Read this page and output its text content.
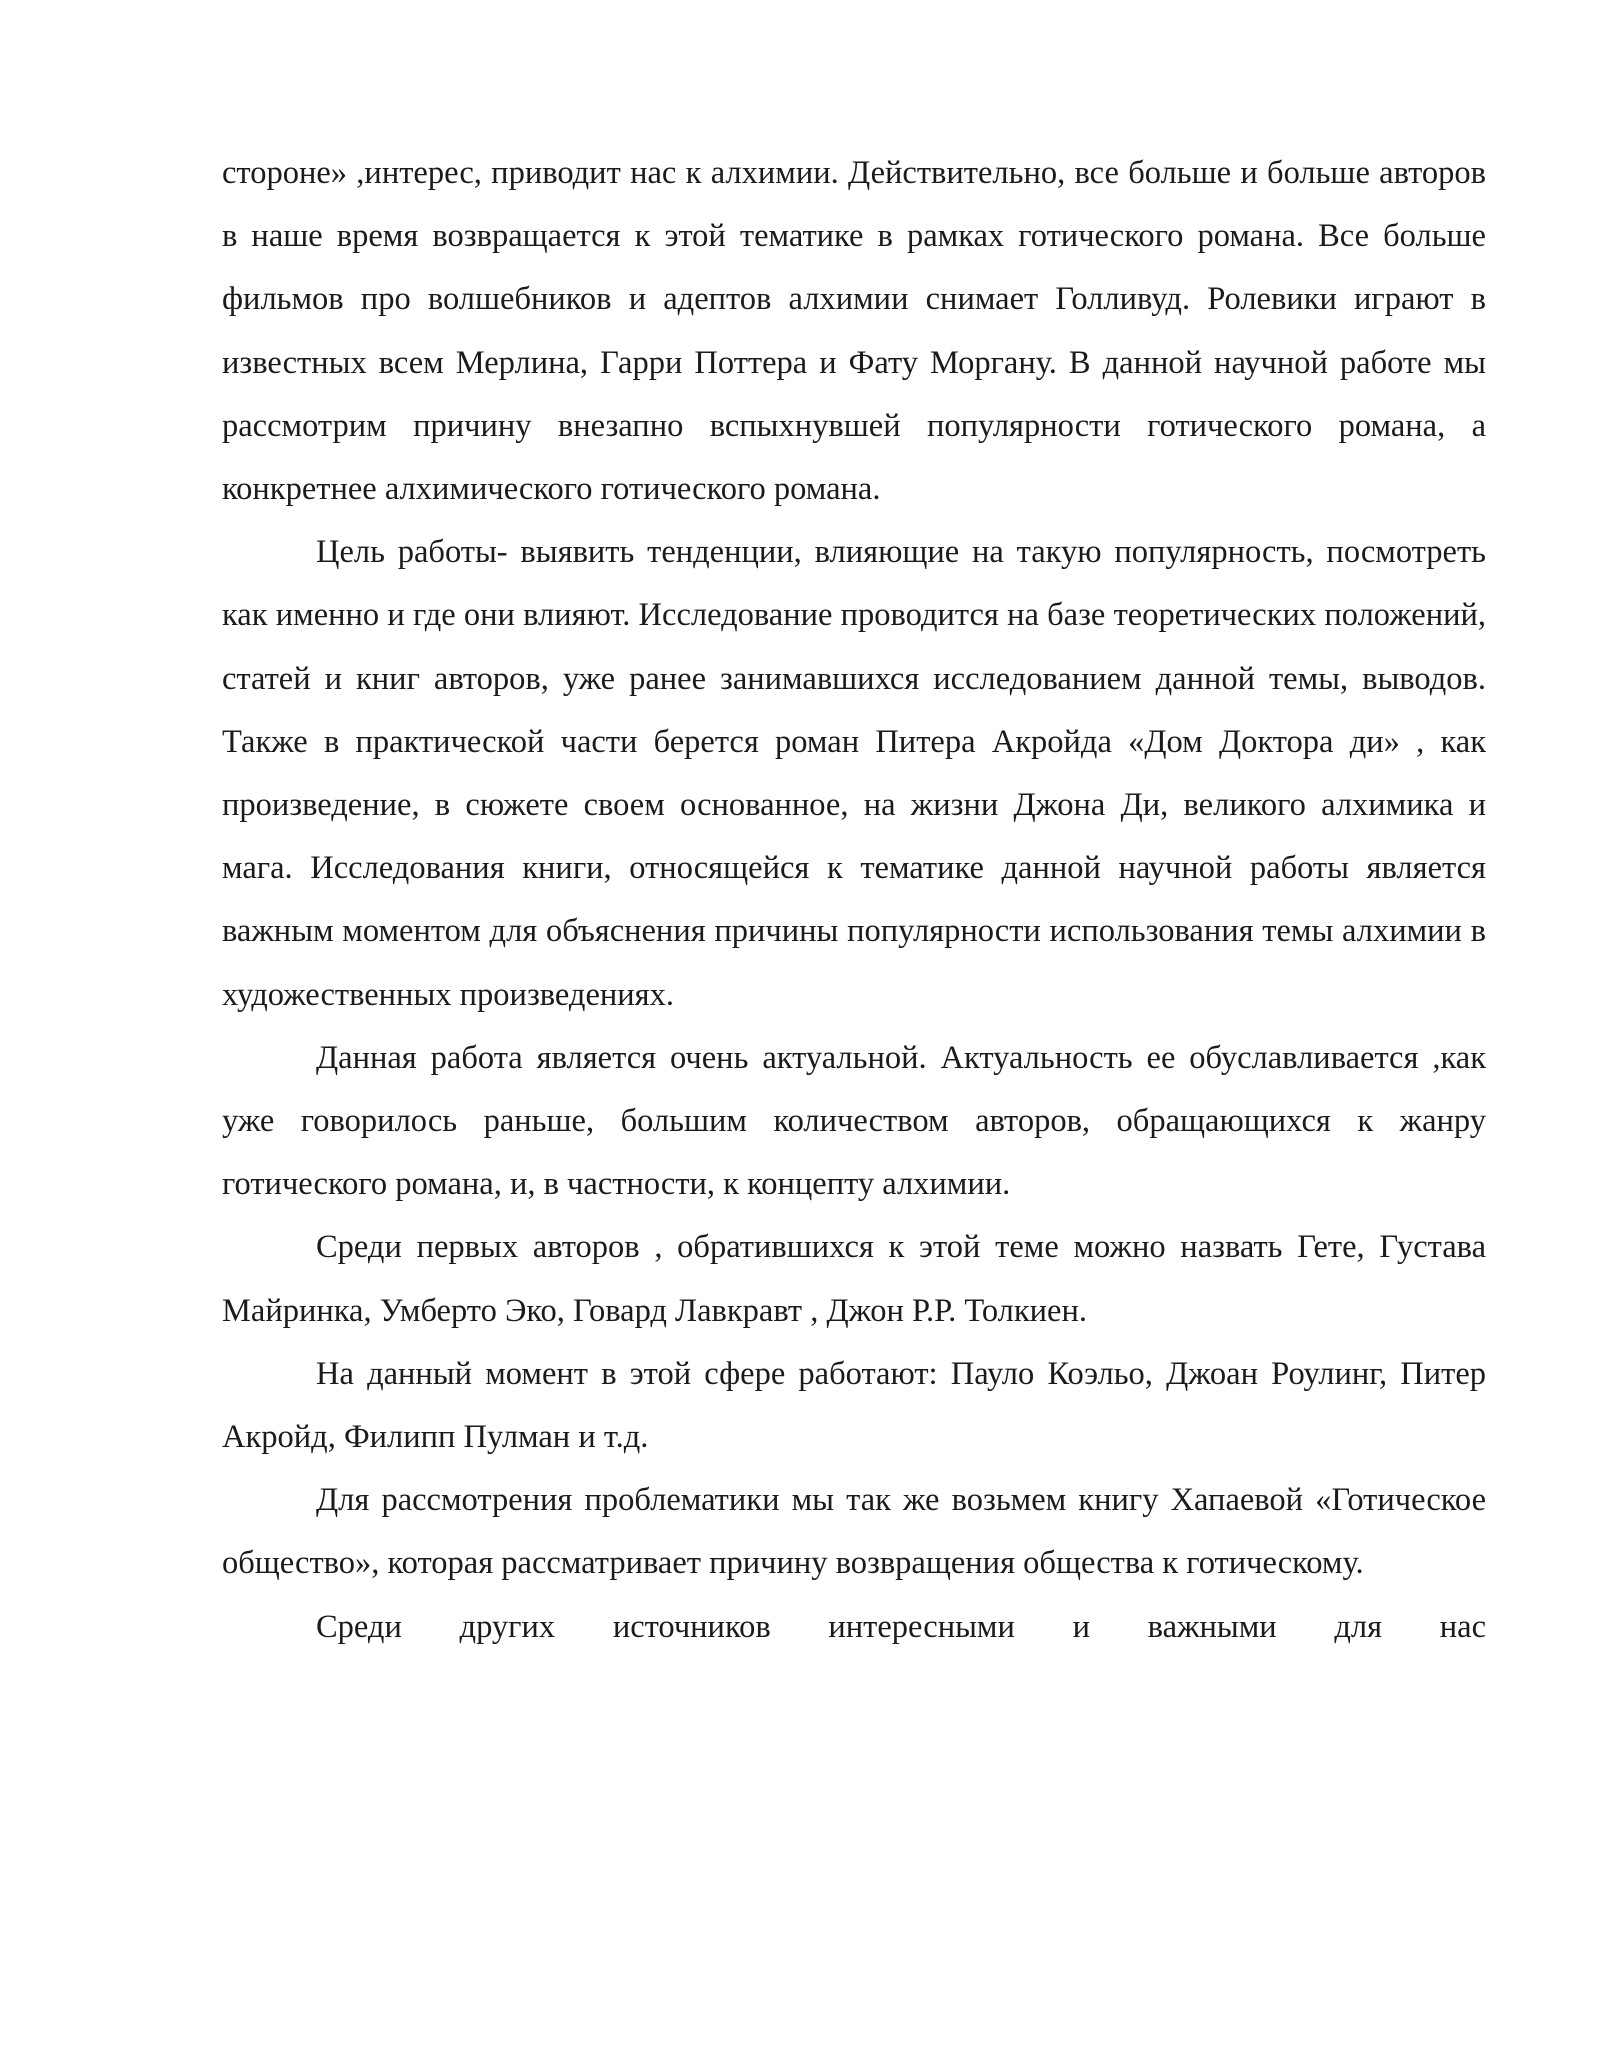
стороне» ,интерес, приводит нас к алхимии. Действительно, все больше и больше авторов в наше время возвращается к этой тематике в рамках готического романа. Все больше фильмов про волшебников и адептов алхимии снимает Голливуд. Ролевики играют в известных всем Мерлина, Гарри Поттера и Фату Моргану. В данной научной работе мы рассмотрим причину внезапно вспыхнувшей популярности готического романа, а конкретнее алхимического готического романа.

Цель работы- выявить тенденции, влияющие на такую популярность, посмотреть как именно и где они влияют. Исследование проводится на базе теоретических положений, статей и книг авторов, уже ранее занимавшихся исследованием данной темы, выводов. Также в практической части берется роман Питера Акройда «Дом Доктора ди» , как произведение, в сюжете своем основанное, на жизни Джона Ди, великого алхимика и мага. Исследования книги, относящейся к тематике данной научной работы является важным моментом для объяснения причины популярности использования темы алхимии в художественных произведениях.

Данная работа является очень актуальной. Актуальность ее обуславливается ,как уже говорилось раньше, большим количеством авторов, обращающихся к жанру готического романа, и, в частности, к концепту алхимии.

Среди первых авторов , обратившихся к этой теме можно назвать Гете, Густава Майринка, Умберто Эко, Говард Лавкравт , Джон Р.Р. Толкиен.

На данный момент в этой сфере работают: Пауло Коэльо, Джоан Роулинг, Питер Акройд, Филипп Пулман и т.д.

Для рассмотрения проблематики мы так же возьмем книгу Хапаевой «Готическое общество», которая рассматривает причину возвращения общества к готическому.

Среди других источников интересными и важными для нас
